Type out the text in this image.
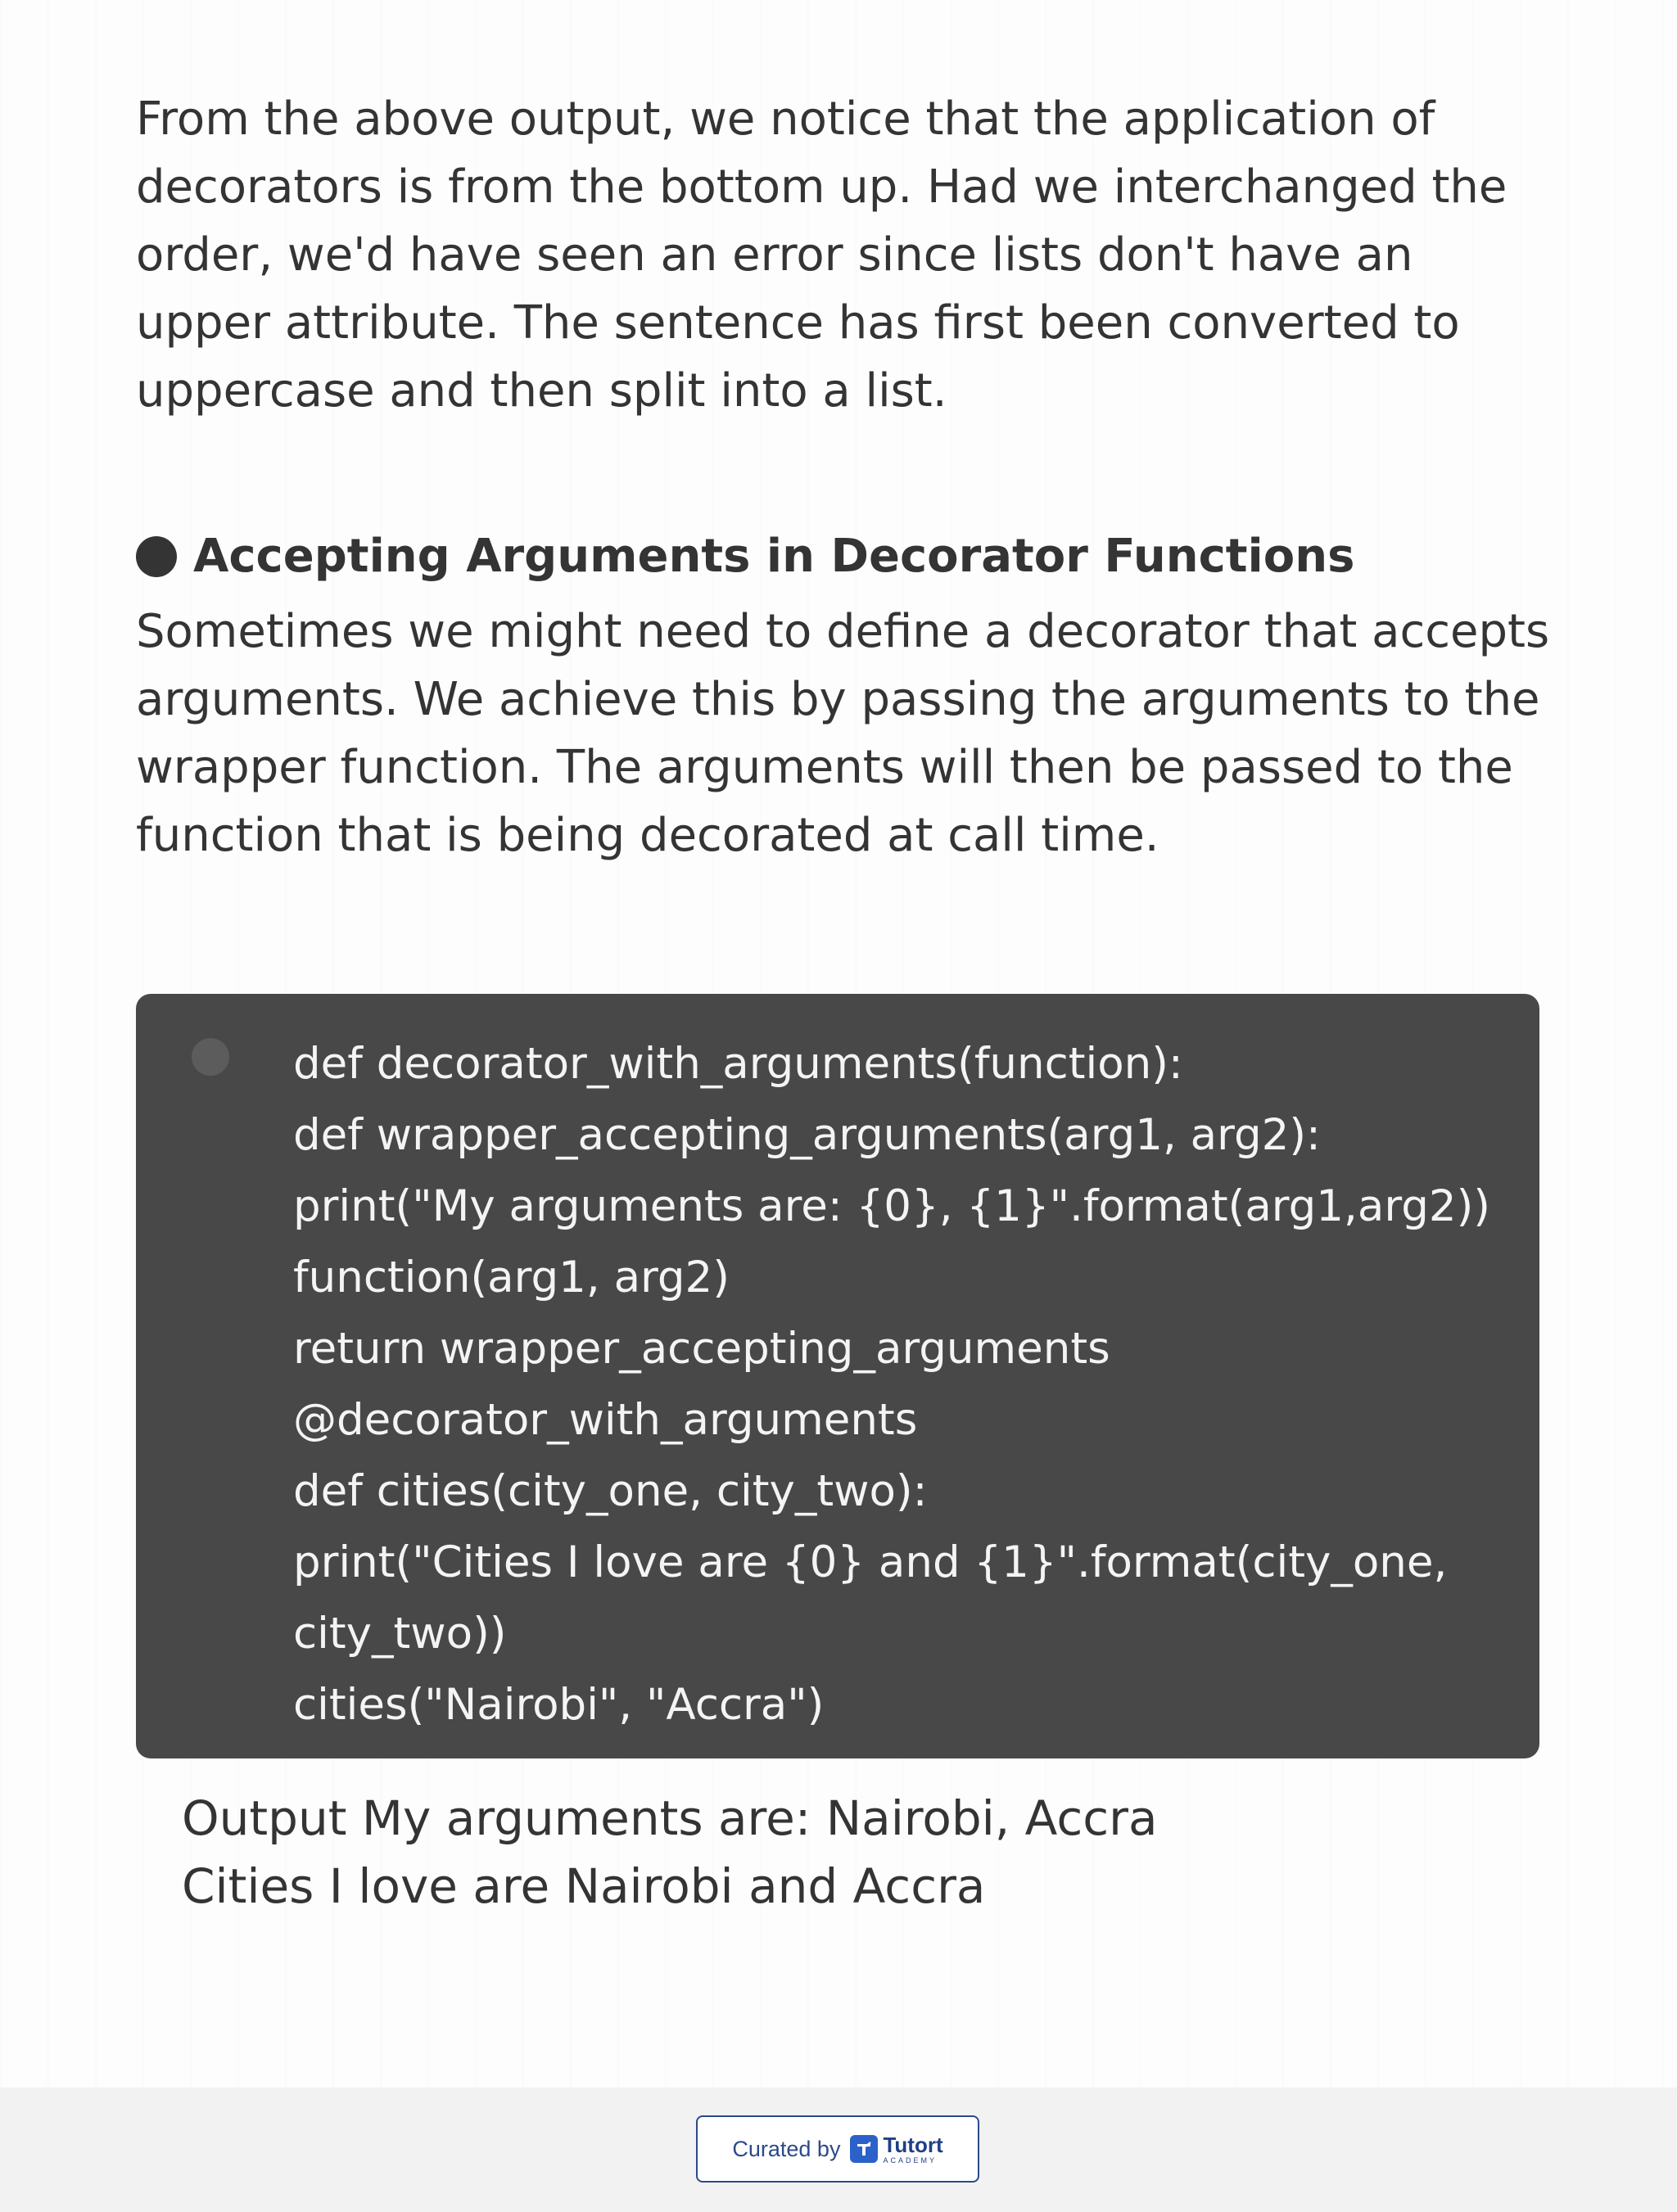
From the above output, we notice that the application of decorators is from the bottom up. Had we interchanged the order, we'd have seen an error since lists don't have an upper attribute. The sentence has first been converted to uppercase and then split into a list.

Accepting Arguments in Decorator Functions

Sometimes we might need to define a decorator that accepts arguments. We achieve this by passing the arguments to the wrapper function. The arguments will then be passed to the function that is being decorated at call time.

def decorator_with_arguments(function):
def wrapper_accepting_arguments(arg1, arg2):
print("My arguments are: {0}, {1}".format(arg1,arg2))
function(arg1, arg2)
return wrapper_accepting_arguments
@decorator_with_arguments
def cities(city_one, city_two):
print("Cities I love are {0} and {1}".format(city_one,
city_two))
cities("Nairobi", "Accra")
Output My arguments are: Nairobi, Accra
Cities I love are Nairobi and Accra
Curated by Tutort
ACADEMY
